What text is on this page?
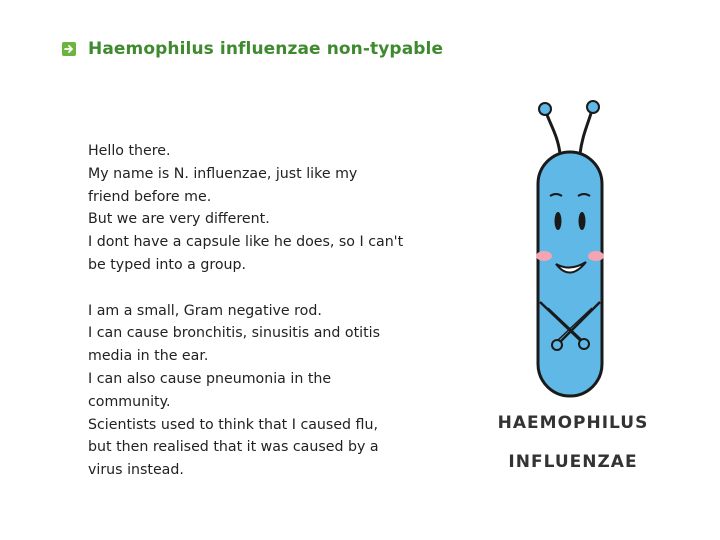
Haemophilus influenzae non-typable
Hello there.
My name is N. influenzae, just like my
friend before me.
But we are very different.
I dont have a capsule like he does, so I can't
be typed into a group.
I am a small, Gram negative rod.
I can cause bronchitis, sinusitis and otitis
media in the ear.
I can also cause pneumonia in the
community.
Scientists used to think that I caused flu,
but then realised that it was caused by a
virus instead.
HAEMOPHILUS
INFLUENZAE
